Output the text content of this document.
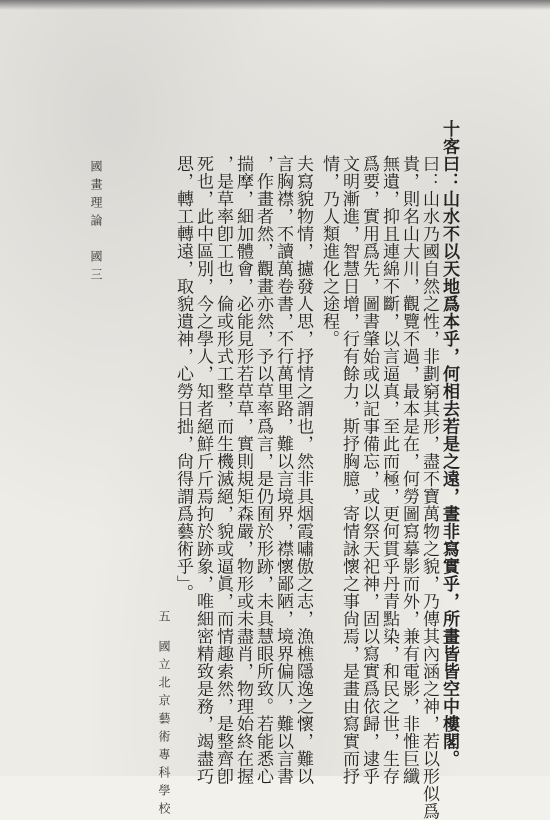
國畫理論　國三	十客曰：山水不以天地爲本乎，何相去若是之遠，晝非寫實乎，所畫皆皆空中樓閣。
曰：山水乃國自然之性，非劃窮其形，盡不寶萬物之貌，乃傳其內涵之神，若以形似爲
貴，則名山大川，觀覽不過，最本是在，何勞圖寫摹影而外，兼有電影，非惟巨纖
無遺，抑且連綿不斷，以言逼真，至此而極，更何貫乎丹青點染，和民之世，生存
爲要，實用爲先，圖書肇始或以記事備忘，或以祭天祀神，固以寫實爲依歸，逮乎
文明漸進，智慧日增，行有餘力，斯抒胸臆，寄情詠懷之事尙焉，是畫由寫實而抒
情，乃人類進化之途程。
夫寫貌物情，攄發人思，抒情之謂也，然非具烟霞嘯傲之志，漁樵隱逸之懷，難以
言胸襟，不讀萬卷書，不行萬里路，難以言境界，襟懷鄙陋，境界偏仄，難以言書
，作畫者然，觀畫亦然，予以草率爲言，是仍囿於形跡，未具慧眼所致。若能悉心
揣摩，細加體會，必能見形若草草，實則規矩森嚴，物形或未盡肖，物理始終在握
，是草率卽工也，倫或形式工整，而生機滅絕，貌或逼眞，而情趣索然，是整齊卽
死也，此中區別，今之學人，知者絕鮮斤斤焉拘於跡象，唯細密精致是務，竭盡巧
思，轉工轉遠，取貌遺神，心勞日拙，尙得謂爲藝術乎」。
五
國立北京藝術專科學校
